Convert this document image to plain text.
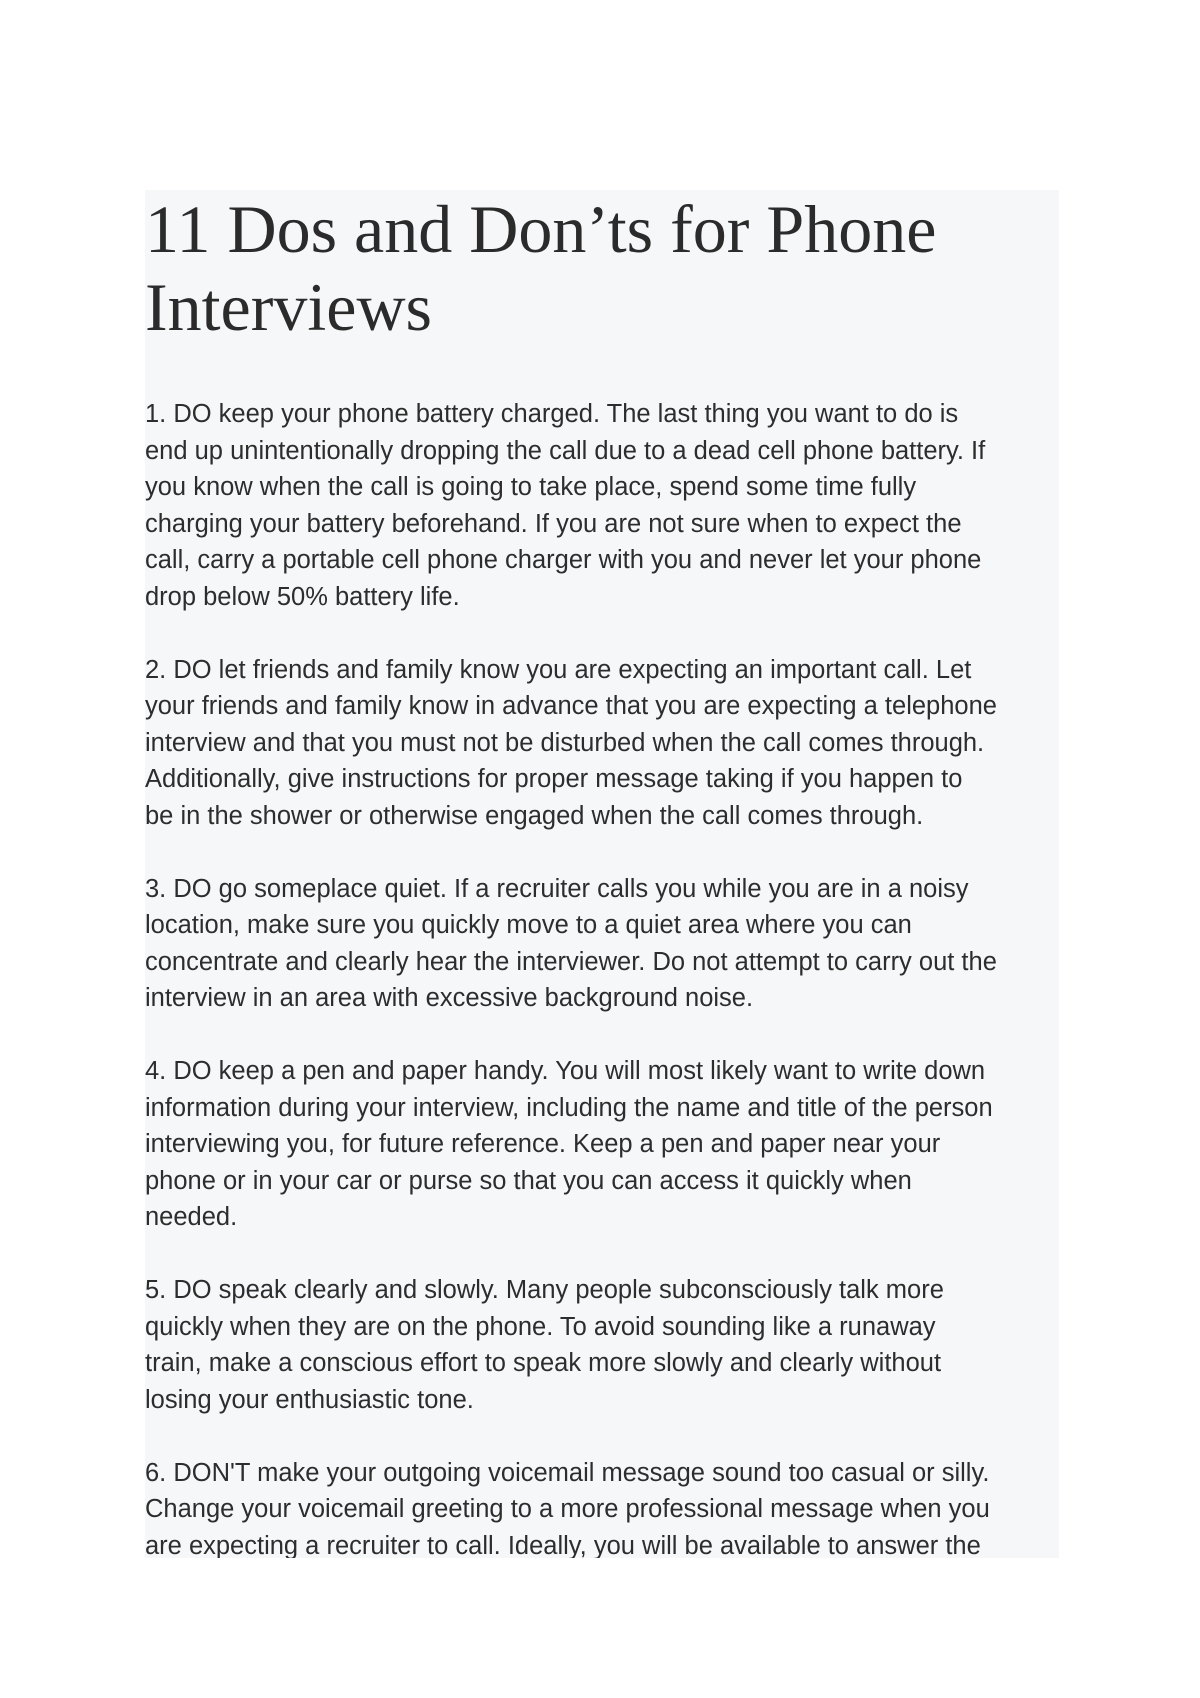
11 Dos and Don’ts for Phone
Interviews

1. DO keep your phone battery charged. The last thing you want to do is
end up unintentionally dropping the call due to a dead cell phone battery. If
you know when the call is going to take place, spend some time fully
charging your battery beforehand. If you are not sure when to expect the
call, carry a portable cell phone charger with you and never let your phone
drop below 50% battery life.

2. DO let friends and family know you are expecting an important call. Let
your friends and family know in advance that you are expecting a telephone
interview and that you must not be disturbed when the call comes through.
Additionally, give instructions for proper message taking if you happen to
be in the shower or otherwise engaged when the call comes through.

3. DO go someplace quiet. If a recruiter calls you while you are in a noisy
location, make sure you quickly move to a quiet area where you can
concentrate and clearly hear the interviewer. Do not attempt to carry out the
interview in an area with excessive background noise.

4. DO keep a pen and paper handy. You will most likely want to write down
information during your interview, including the name and title of the person
interviewing you, for future reference. Keep a pen and paper near your
phone or in your car or purse so that you can access it quickly when
needed.

5. DO speak clearly and slowly. Many people subconsciously talk more
quickly when they are on the phone. To avoid sounding like a runaway
train, make a conscious effort to speak more slowly and clearly without
losing your enthusiastic tone.

6. DON'T make your outgoing voicemail message sound too casual or silly.
Change your voicemail greeting to a more professional message when you
are expecting a recruiter to call. Ideally, you will be available to answer the
